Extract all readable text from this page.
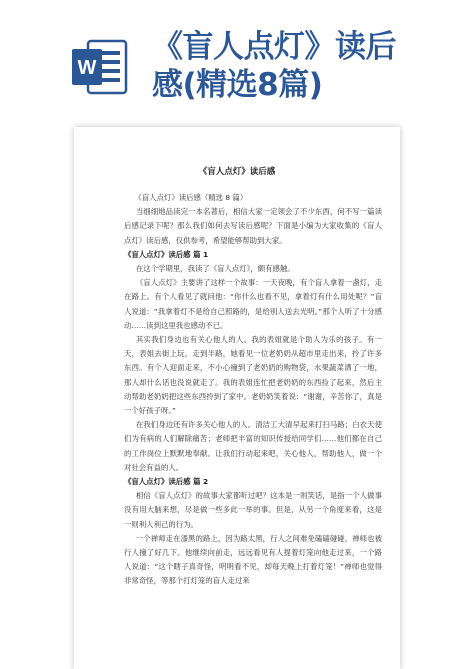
W
《盲人点灯》读后
感(精选8篇)
《盲人点灯》读后感

《盲人点灯》读后感（精选 8 篇）

当细细地品读完一本名著后，相信大家一定领会了不少东西，何不写一篇读后感记录下呢？那么我们如何去写读后感呢？下面是小编为大家收集的《盲人点灯》读后感，仅供参考，希望能够帮助到大家。

《盲人点灯》读后感 篇 1

在这个学期里，我读了《盲人点灯》，颇有感触。

《盲人点灯》主要讲了这样一个故事：一天夜晚，有个盲人拿着一盏灯，走在路上。有个人看见了就问他：“你什么也看不见，拿着灯有什么用处呢？”盲人说道：“我拿着灯不是给自己照路的，是给别人送去光明。”那个人听了十分感动……读到这里我也感动不已。

其实我们身边也有关心他人的人。我的表姐就是个助人为乐的孩子。有一天，表姐去街上玩，走到半路，她看见一位老奶奶从超市里走出来，拎了许多东西。有个人迎面走来，不小心撞到了老奶奶的购物袋，水果蔬菜洒了一地，那人却什么话也没说就走了。我的表姐连忙把老奶奶的东西捡了起来，然后主动帮助老奶奶把这些东西拎到了家中。老奶奶笑着说：“谢谢，辛苦你了，真是一个好孩子呀。”

在我们身边还有许多关心他人的人。清洁工大清早起来打扫马路；白衣天使们为有病的人们解除痛苦；老师把丰富的知识传授给同学们……他们都在自己的工作岗位上默默地奉献。让我们行动起来吧，关心他人，帮助他人，做一个对社会有益的人。

《盲人点灯》读后感 篇 2

相信《盲人点灯》的故事大家都听过吧？这本是一则笑话，是指一个人做事没有用大脑来想，尽是做一些多此一举的事。但是，从另一个角度来看，这是一则利人利己的行为。

一个禅师走在漆黑的路上，因为路太黑，行人之间难免磕磕碰碰，禅师也被行人撞了好几下。他继续向前走，远远看见有人提着灯笼向他走过来，一个路人说道：“这个瞎子真奇怪，明明看不见，却每天晚上打着灯笼！”禅师也觉得非常奇怪，等那个打灯笼的盲人走过来
